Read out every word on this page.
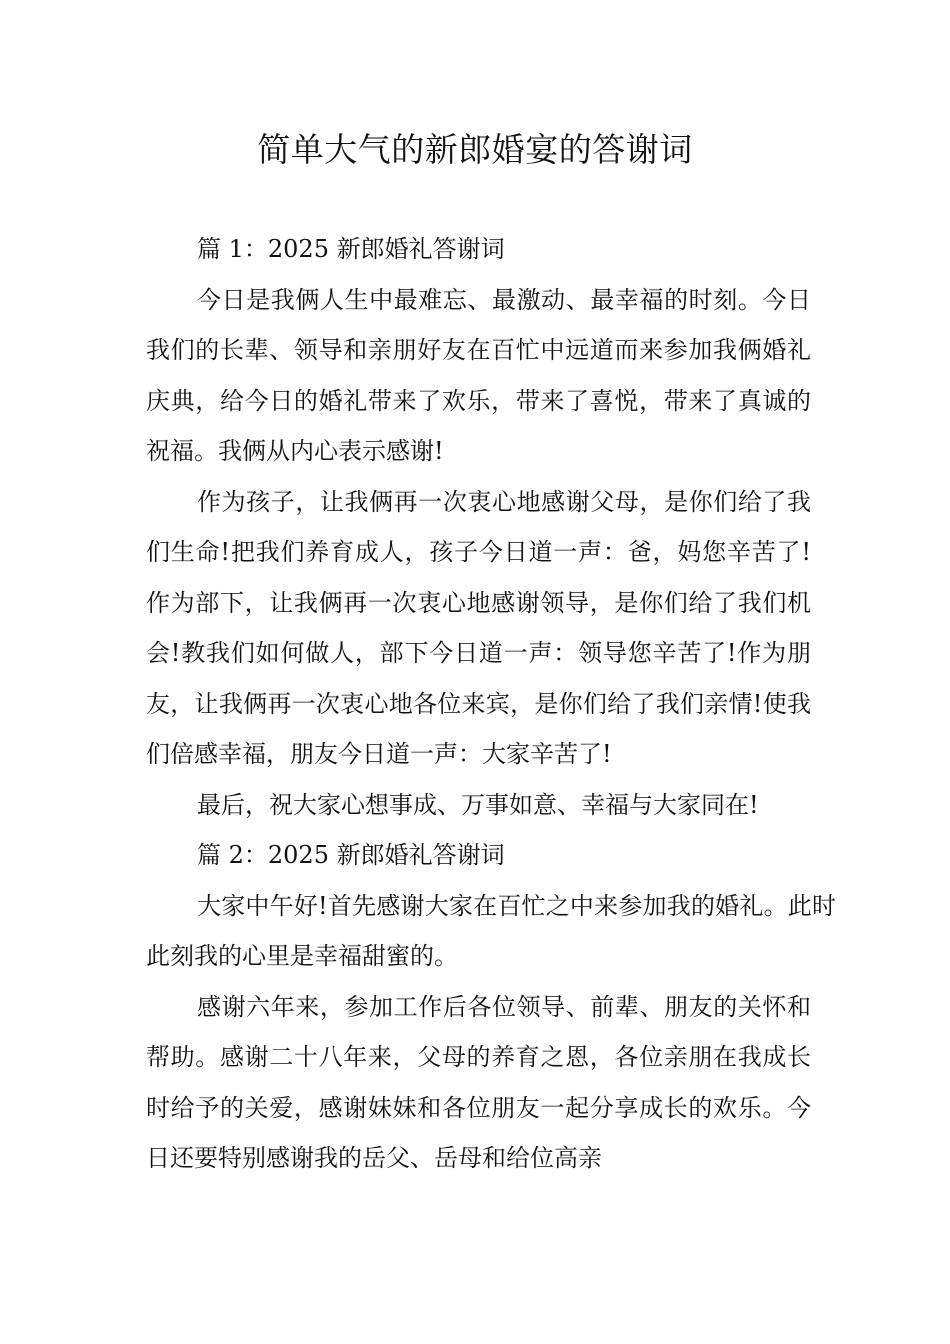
简单大气的新郎婚宴的答谢词

篇 1：2025 新郎婚礼答谢词

今日是我俩人生中最难忘、最激动、最幸福的时刻。今日我们的长辈、领导和亲朋好友在百忙中远道而来参加我俩婚礼庆典，给今日的婚礼带来了欢乐，带来了喜悦，带来了真诚的祝福。我俩从内心表示感谢!

作为孩子，让我俩再一次衷心地感谢父母，是你们给了我们生命!把我们养育成人，孩子今日道一声：爸，妈您辛苦了!作为部下，让我俩再一次衷心地感谢领导，是你们给了我们机会!教我们如何做人，部下今日道一声：领导您辛苦了!作为朋友，让我俩再一次衷心地各位来宾，是你们给了我们亲情!使我们倍感幸福，朋友今日道一声：大家辛苦了!

最后，祝大家心想事成、万事如意、幸福与大家同在!

篇 2：2025 新郎婚礼答谢词

大家中午好!首先感谢大家在百忙之中来参加我的婚礼。此时此刻我的心里是幸福甜蜜的。

感谢六年来，参加工作后各位领导、前辈、朋友的关怀和帮助。感谢二十八年来，父母的养育之恩，各位亲朋在我成长时给予的关爱，感谢妹妹和各位朋友一起分享成长的欢乐。今日还要特别感谢我的岳父、岳母和给位高亲
